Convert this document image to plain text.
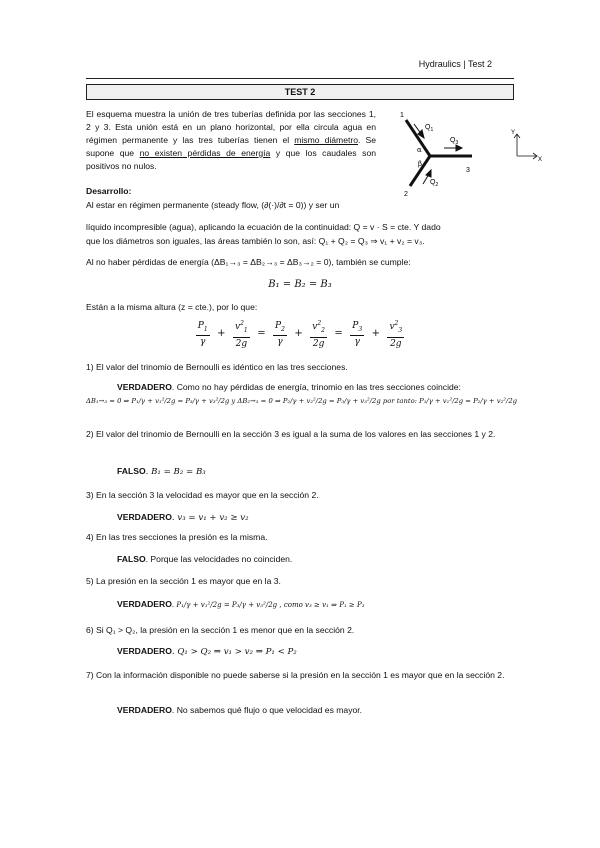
Hydraulics | Test 2
TEST 2
El esquema muestra la unión de tres tuberías definida por las secciones 1, 2 y 3. Esta unión está en un plano horizontal, por ella circula agua en régimen permanente y las tres tuberías tienen el mismo diámetro. Se supone que no existen pérdidas de energía y que los caudales son positivos no nulos.
1
2
3
$Q_1$
$Q_3$
$Q_2$
α
β
Y
X
Desarrollo:
Al estar en régimen permanente (steady flow, (∂(·)/∂t = 0)) y ser un
líquido incompresible (agua), aplicando la ecuación de la continuidad: Q = v · S = cte. Y dado
que los diámetros son iguales, las áreas también lo son, así: Q₁ + Q₂ = Q₃ ⇒ v₁ + v₂ = v₃.
Al no haber pérdidas de energía (ΔB₁→₃ = ΔB₂→₃ = ΔB₃→₂ = 0), también se cumple:
B₁ = B₂ = B₃
Están a la misma altura (z = cte.), por lo que:
$\frac{P_1}{\gamma} + \frac{v^2_1}{2g} = \frac{P_2}{\gamma} + \frac{v^2_2}{2g} = \frac{P_3}{\gamma} + \frac{v^2_3}{2g}$
1) El valor del trinomio de Bernoulli es idéntico en las tres secciones.
VERDADERO. Como no hay pérdidas de energía, trinomio en las tres secciones coincide:
ΔB₁→₃ = 0 ⇒ P₁/γ + v₁²/2g = P₃/γ + v₃²/2g y ΔB₂→₃ = 0 ⇒ P₂/γ + v₂²/2g = P₃/γ + v₃²/2g por tanto: P₁/γ + v₁²/2g = P₂/γ + v₂²/2g
2) El valor del trinomio de Bernoulli en la sección 3 es igual a la suma de los valores en las secciones 1 y 2.
FALSO. B₁ = B₂ = B₃
3) En la sección 3 la velocidad es mayor que en la sección 2.
VERDADERO. v₃ = v₁ + v₂ ≥ v₂
4) En las tres secciones la presión es la misma.
FALSO. Porque las velocidades no coinciden.
5) La presión en la sección 1 es mayor que en la 3.
VERDADERO. P₁/γ + v₁²/2g = P₃/γ + v₃²/2g , como v₃ ≥ v₁ ⇒ P₁ ≥ P₃
6) Si Q₁ > Q₂, la presión en la sección 1 es menor que en la sección 2.
VERDADERO. Q₁ > Q₂ ⇒ v₁ > v₂ ⇒ P₁ < P₂
7) Con la información disponible no puede saberse si la presión en la sección 1 es mayor que en la sección 2.
VERDADERO. No sabemos qué flujo o que velocidad es mayor.
